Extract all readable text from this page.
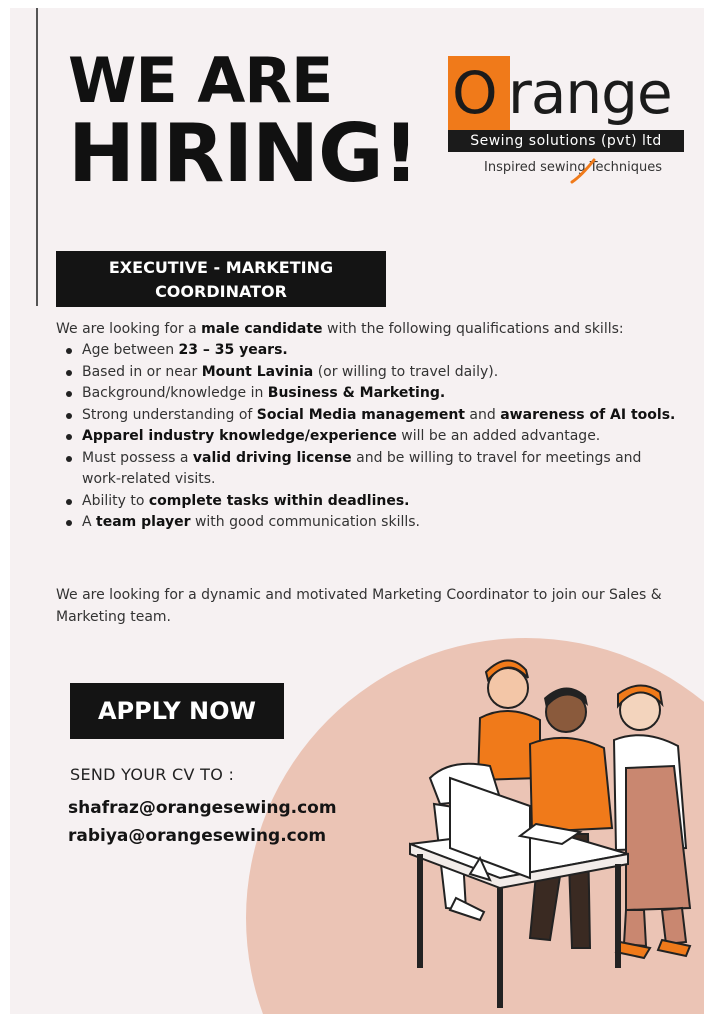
WE ARE
HIRING!
O range
Sewing solutions (pvt) ltd
Inspired sewing Techniques
EXECUTIVE - MARKETING
COORDINATOR

We are looking for a male candidate with the following qualifications and skills:

Age between 23 – 35 years.
Based in or near Mount Lavinia (or willing to travel daily).
Background/knowledge in Business & Marketing.
Strong understanding of Social Media management and awareness of AI tools.
Apparel industry knowledge/experience will be an added advantage.
Must possess a valid driving license and be willing to travel for meetings and work-related visits.
Ability to complete tasks within deadlines.
A team player with good communication skills.

We are looking for a dynamic and motivated Marketing Coordinator to join our Sales & Marketing team.

APPLY NOW
SEND YOUR CV TO :
shafraz@orangesewing.com
rabiya@orangesewing.com
